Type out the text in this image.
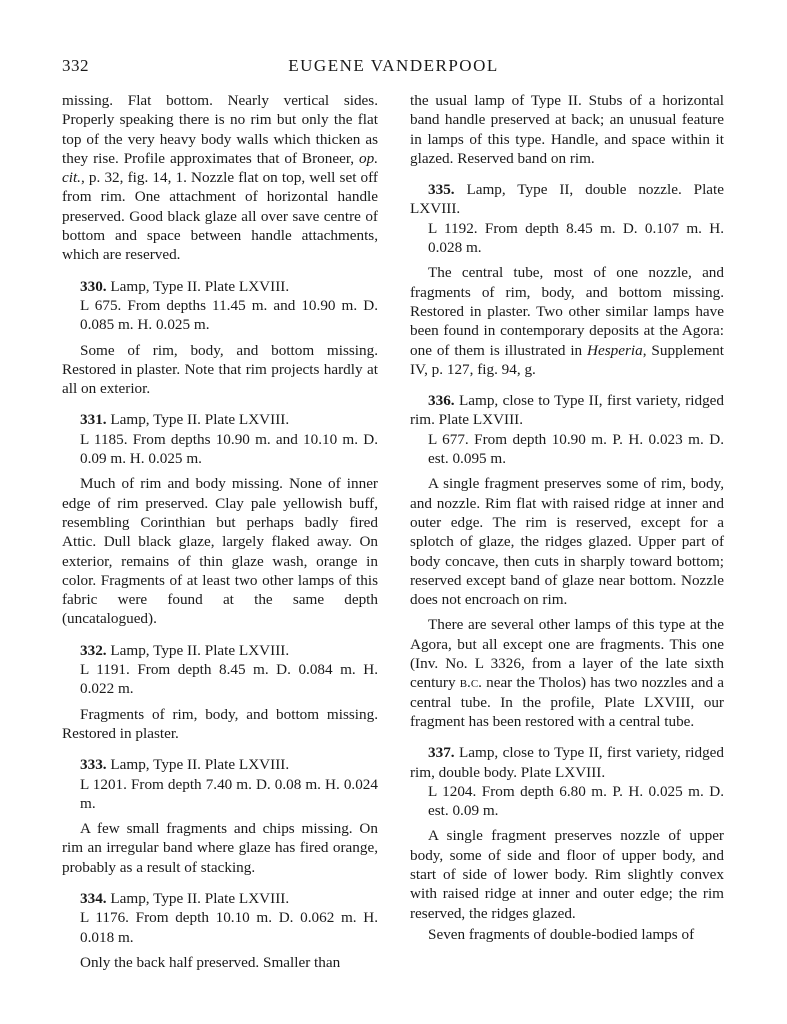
332	EUGENE VANDERPOOL

missing. Flat bottom. Nearly vertical sides. Properly speaking there is no rim but only the flat top of the very heavy body walls which thicken as they rise. Profile approximates that of Broneer, op. cit., p. 32, fig. 14, 1. Nozzle flat on top, well set off from rim. One attachment of horizontal handle preserved. Good black glaze all over save centre of bottom and space between handle attachments, which are reserved.

330. Lamp, Type II. Plate LXVIII.

L 675. From depths 11.45 m. and 10.90 m. D. 0.085 m. H. 0.025 m.

Some of rim, body, and bottom missing. Restored in plaster. Note that rim projects hardly at all on exterior.

331. Lamp, Type II. Plate LXVIII.

L 1185. From depths 10.90 m. and 10.10 m. D. 0.09 m. H. 0.025 m.

Much of rim and body missing. None of inner edge of rim preserved. Clay pale yellowish buff, resembling Corinthian but perhaps badly fired Attic. Dull black glaze, largely flaked away. On exterior, remains of thin glaze wash, orange in color. Fragments of at least two other lamps of this fabric were found at the same depth (uncatalogued).

332. Lamp, Type II. Plate LXVIII.

L 1191. From depth 8.45 m. D. 0.084 m. H. 0.022 m.

Fragments of rim, body, and bottom missing. Restored in plaster.

333. Lamp, Type II. Plate LXVIII.

L 1201. From depth 7.40 m. D. 0.08 m. H. 0.024 m.

A few small fragments and chips missing. On rim an irregular band where glaze has fired orange, probably as a result of stacking.

334. Lamp, Type II. Plate LXVIII.

L 1176. From depth 10.10 m. D. 0.062 m. H. 0.018 m.

Only the back half preserved. Smaller than

the usual lamp of Type II. Stubs of a horizontal band handle preserved at back; an unusual feature in lamps of this type. Handle, and space within it glazed. Reserved band on rim.

335. Lamp, Type II, double nozzle. Plate LXVIII.

L 1192. From depth 8.45 m. D. 0.107 m. H. 0.028 m.

The central tube, most of one nozzle, and fragments of rim, body, and bottom missing. Restored in plaster. Two other similar lamps have been found in contemporary deposits at the Agora: one of them is illustrated in Hesperia, Supplement IV, p. 127, fig. 94, g.

336. Lamp, close to Type II, first variety, ridged rim. Plate LXVIII.

L 677. From depth 10.90 m. P. H. 0.023 m. D. est. 0.095 m.

A single fragment preserves some of rim, body, and nozzle. Rim flat with raised ridge at inner and outer edge. The rim is reserved, except for a splotch of glaze, the ridges glazed. Upper part of body concave, then cuts in sharply toward bottom; reserved except band of glaze near bottom. Nozzle does not encroach on rim.

There are several other lamps of this type at the Agora, but all except one are fragments. This one (Inv. No. L 3326, from a layer of the late sixth century b.c. near the Tholos) has two nozzles and a central tube. In the profile, Plate LXVIII, our fragment has been restored with a central tube.

337. Lamp, close to Type II, first variety, ridged rim, double body. Plate LXVIII.

L 1204. From depth 6.80 m. P. H. 0.025 m. D. est. 0.09 m.

A single fragment preserves nozzle of upper body, some of side and floor of upper body, and start of side of lower body. Rim slightly convex with raised ridge at inner and outer edge; the rim reserved, the ridges glazed.

Seven fragments of double-bodied lamps of
